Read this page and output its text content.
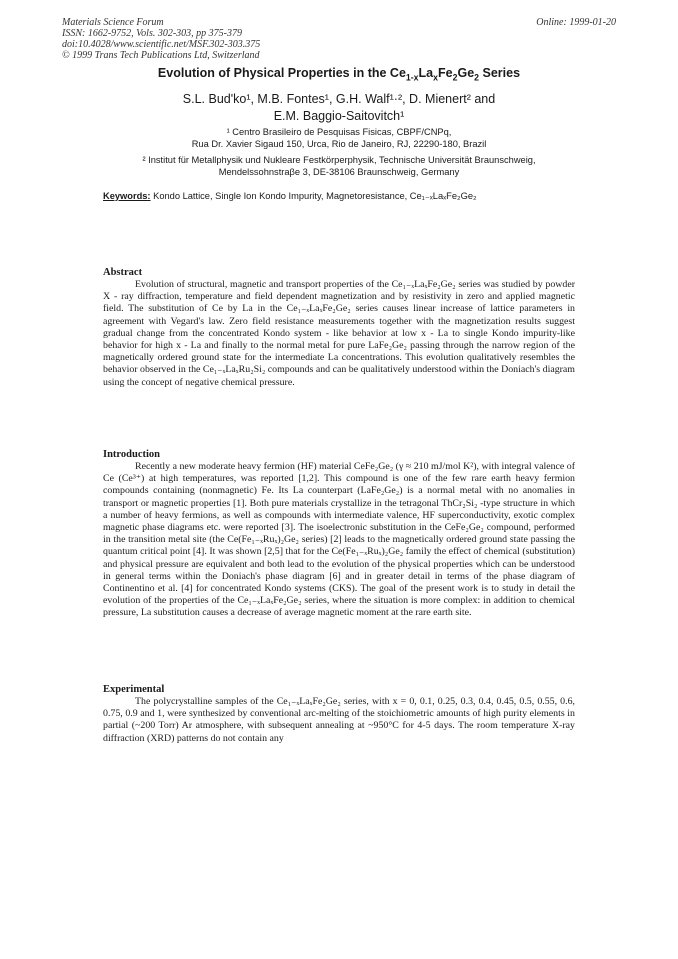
Materials Science Forum
ISSN: 1662-9752, Vols. 302-303, pp 375-379
doi:10.4028/www.scientific.net/MSF.302-303.375
© 1999 Trans Tech Publications Ltd, Switzerland
Online: 1999-01-20
Evolution of Physical Properties in the $Ce_{1-x}La_xFe_2Ge_2$ Series
S.L. Bud'ko¹, M.B. Fontes¹, G.H. Walf¹·², D. Mienert² and
E.M. Baggio-Saitovitch¹
¹ Centro Brasileiro de Pesquisas Fisicas, CBPF/CNPq,
Rua Dr. Xavier Sigaud 150, Urca, Rio de Janeiro, RJ, 22290-180, Brazil
² Institut für Metallphysik und Nukleare Festkörperphysik, Technische Universität Braunschweig,
Mendelssohnstraβe 3, DE-38106 Braunschweig, Germany
Keywords: Kondo Lattice, Single Ion Kondo Impurity, Magnetoresistance, Ce₁₋ₓLaₓFe₂Ge₂

Abstract

Evolution of structural, magnetic and transport properties of the Ce₁₋ₓLaₓFe₂Ge₂ series was studied by powder X - ray diffraction, temperature and field dependent magnetization and by resistivity in zero and applied magnetic field. The substitution of Ce by La in the Ce₁₋ₓLaₓFe₂Ge₂ series causes linear increase of lattice parameters in agreement with Vegard's law. Zero field resistance measurements together with the magnetization results suggest gradual change from the concentrated Kondo system - like behavior at low x - La to single Kondo impurity-like behavior for high x - La and finally to the normal metal for pure LaFe₂Ge₂ passing through the narrow region of the magnetically ordered ground state for the intermediate La concentrations. This evolution qualitatively resembles the behavior observed in the Ce₁₋ₓLaₓRu₂Si₂ compounds and can be qualitatively understood within the Doniach's diagram using the concept of negative chemical pressure.

Introduction

Recently a new moderate heavy fermion (HF) material CeFe₂Ge₂ (γ ≈ 210 mJ/mol K²), with integral valence of Ce (Ce³⁺) at high temperatures, was reported [1,2]. This compound is one of the few rare earth heavy fermion compounds containing (nonmagnetic) Fe. Its La counterpart (LaFe₂Ge₂) is a normal metal with no anomalies in transport or magnetic properties [1]. Both pure materials crystallize in the tetragonal ThCr₂Si₂ -type structure in which a number of heavy fermions, as well as compounds with intermediate valence, HF superconductivity, exotic complex magnetic phase diagrams etc. were reported [3]. The isoelectronic substitution in the CeFe₂Ge₂ compound, performed in the transition metal site (the Ce(Fe₁₋ₓRuₓ)₂Ge₂ series) [2] leads to the magnetically ordered ground state passing the quantum critical point [4]. It was shown [2,5] that for the Ce(Fe₁₋ₓRuₓ)₂Ge₂ family the effect of chemical (substitution) and physical pressure are equivalent and both lead to the evolution of the physical properties which can be understood in general terms within the Doniach's phase diagram [6] and in greater detail in terms of the phase diagram of Continentino et al. [4] for concentrated Kondo systems (CKS). The goal of the present work is to study in detail the evolution of the properties of the Ce₁₋ₓLaₓFe₂Ge₂ series, where the situation is more complex: in addition to chemical pressure, La substitution causes a decrease of average magnetic moment at the rare earth site.

Experimental

The polycrystalline samples of the Ce₁₋ₓLaₓFe₂Ge₂ series, with x = 0, 0.1, 0.25, 0.3, 0.4, 0.45, 0.5, 0.55, 0.6, 0.75, 0.9 and 1, were synthesized by conventional arc-melting of the stoichiometric amounts of high purity elements in partial (~200 Torr) Ar atmosphere, with subsequent annealing at ~950°C for 4-5 days. The room temperature X-ray diffraction (XRD) patterns do not contain any
